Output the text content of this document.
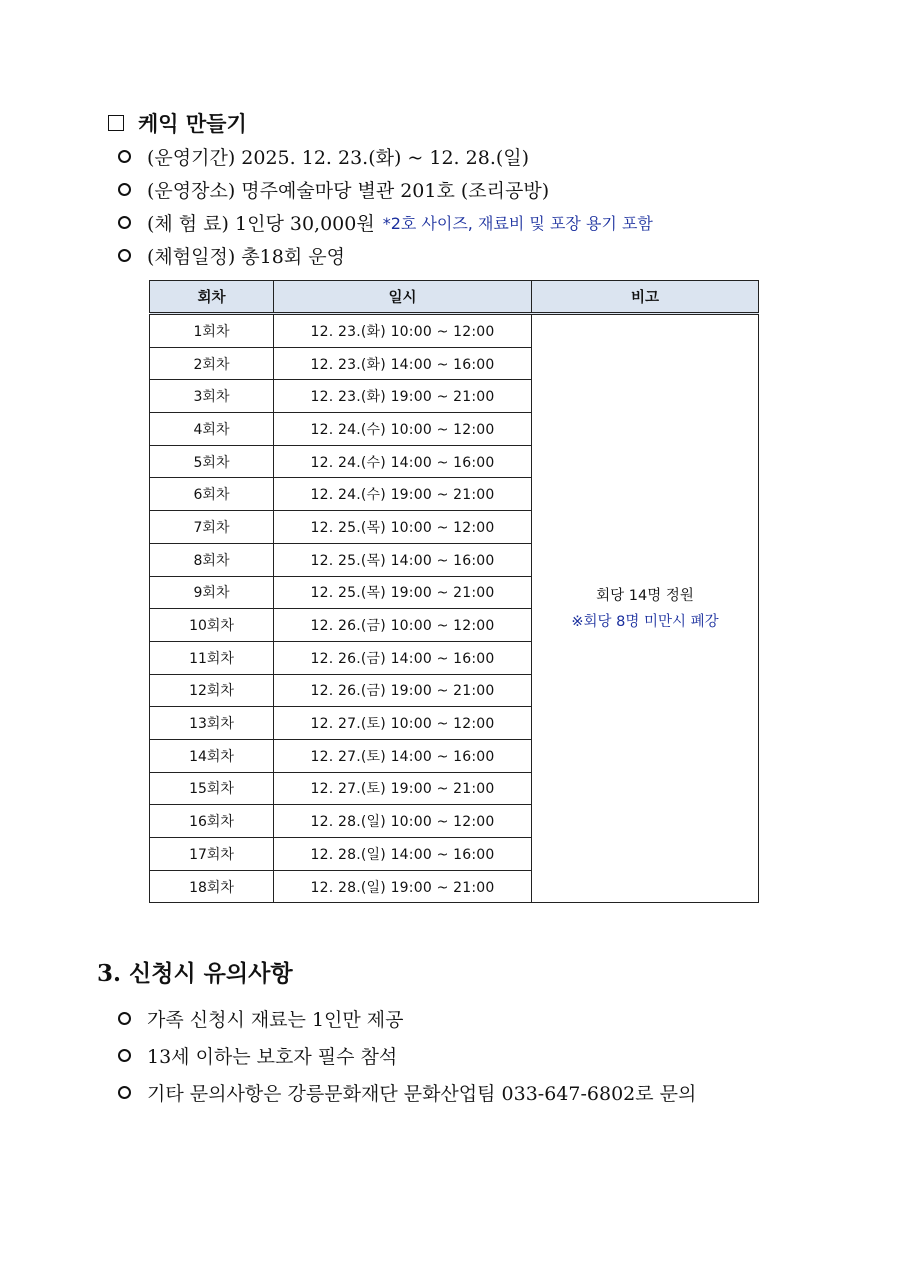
케익 만들기
(운영기간)
2025. 12. 23.(화) ~ 12. 28.(일)
(운영장소)
명주예술마당 별관 201호 (조리공방)
(체 험 료)
1인당 30,000원 *2호 사이즈, 재료비 및 포장 용기 포함
(체험일정)
총18회 운영
회차	일시	비고
1회차	12. 23.(화) 10:00 ~ 12:00	회당 14명 정원
※회당 8명 미만시 폐강

2회차	12. 23.(화) 14:00 ~ 16:00	
3회차	12. 23.(화) 19:00 ~ 21:00	
4회차	12. 24.(수) 10:00 ~ 12:00	
5회차	12. 24.(수) 14:00 ~ 16:00	
6회차	12. 24.(수) 19:00 ~ 21:00	
7회차	12. 25.(목) 10:00 ~ 12:00	
8회차	12. 25.(목) 14:00 ~ 16:00	
9회차	12. 25.(목) 19:00 ~ 21:00	
10회차	12. 26.(금) 10:00 ~ 12:00	
11회차	12. 26.(금) 14:00 ~ 16:00	
12회차	12. 26.(금) 19:00 ~ 21:00	
13회차	12. 27.(토) 10:00 ~ 12:00	
14회차	12. 27.(토) 14:00 ~ 16:00	
15회차	12. 27.(토) 19:00 ~ 21:00	
16회차	12. 28.(일) 10:00 ~ 12:00	
17회차	12. 28.(일) 14:00 ~ 16:00	
18회차	12. 28.(일) 19:00 ~ 21:00	
3. 신청시 유의사항
가족 신청시 재료는 1인만 제공
13세 이하는 보호자 필수 참석
기타 문의사항은 강릉문화재단 문화산업팀 033-647-6802로 문의
